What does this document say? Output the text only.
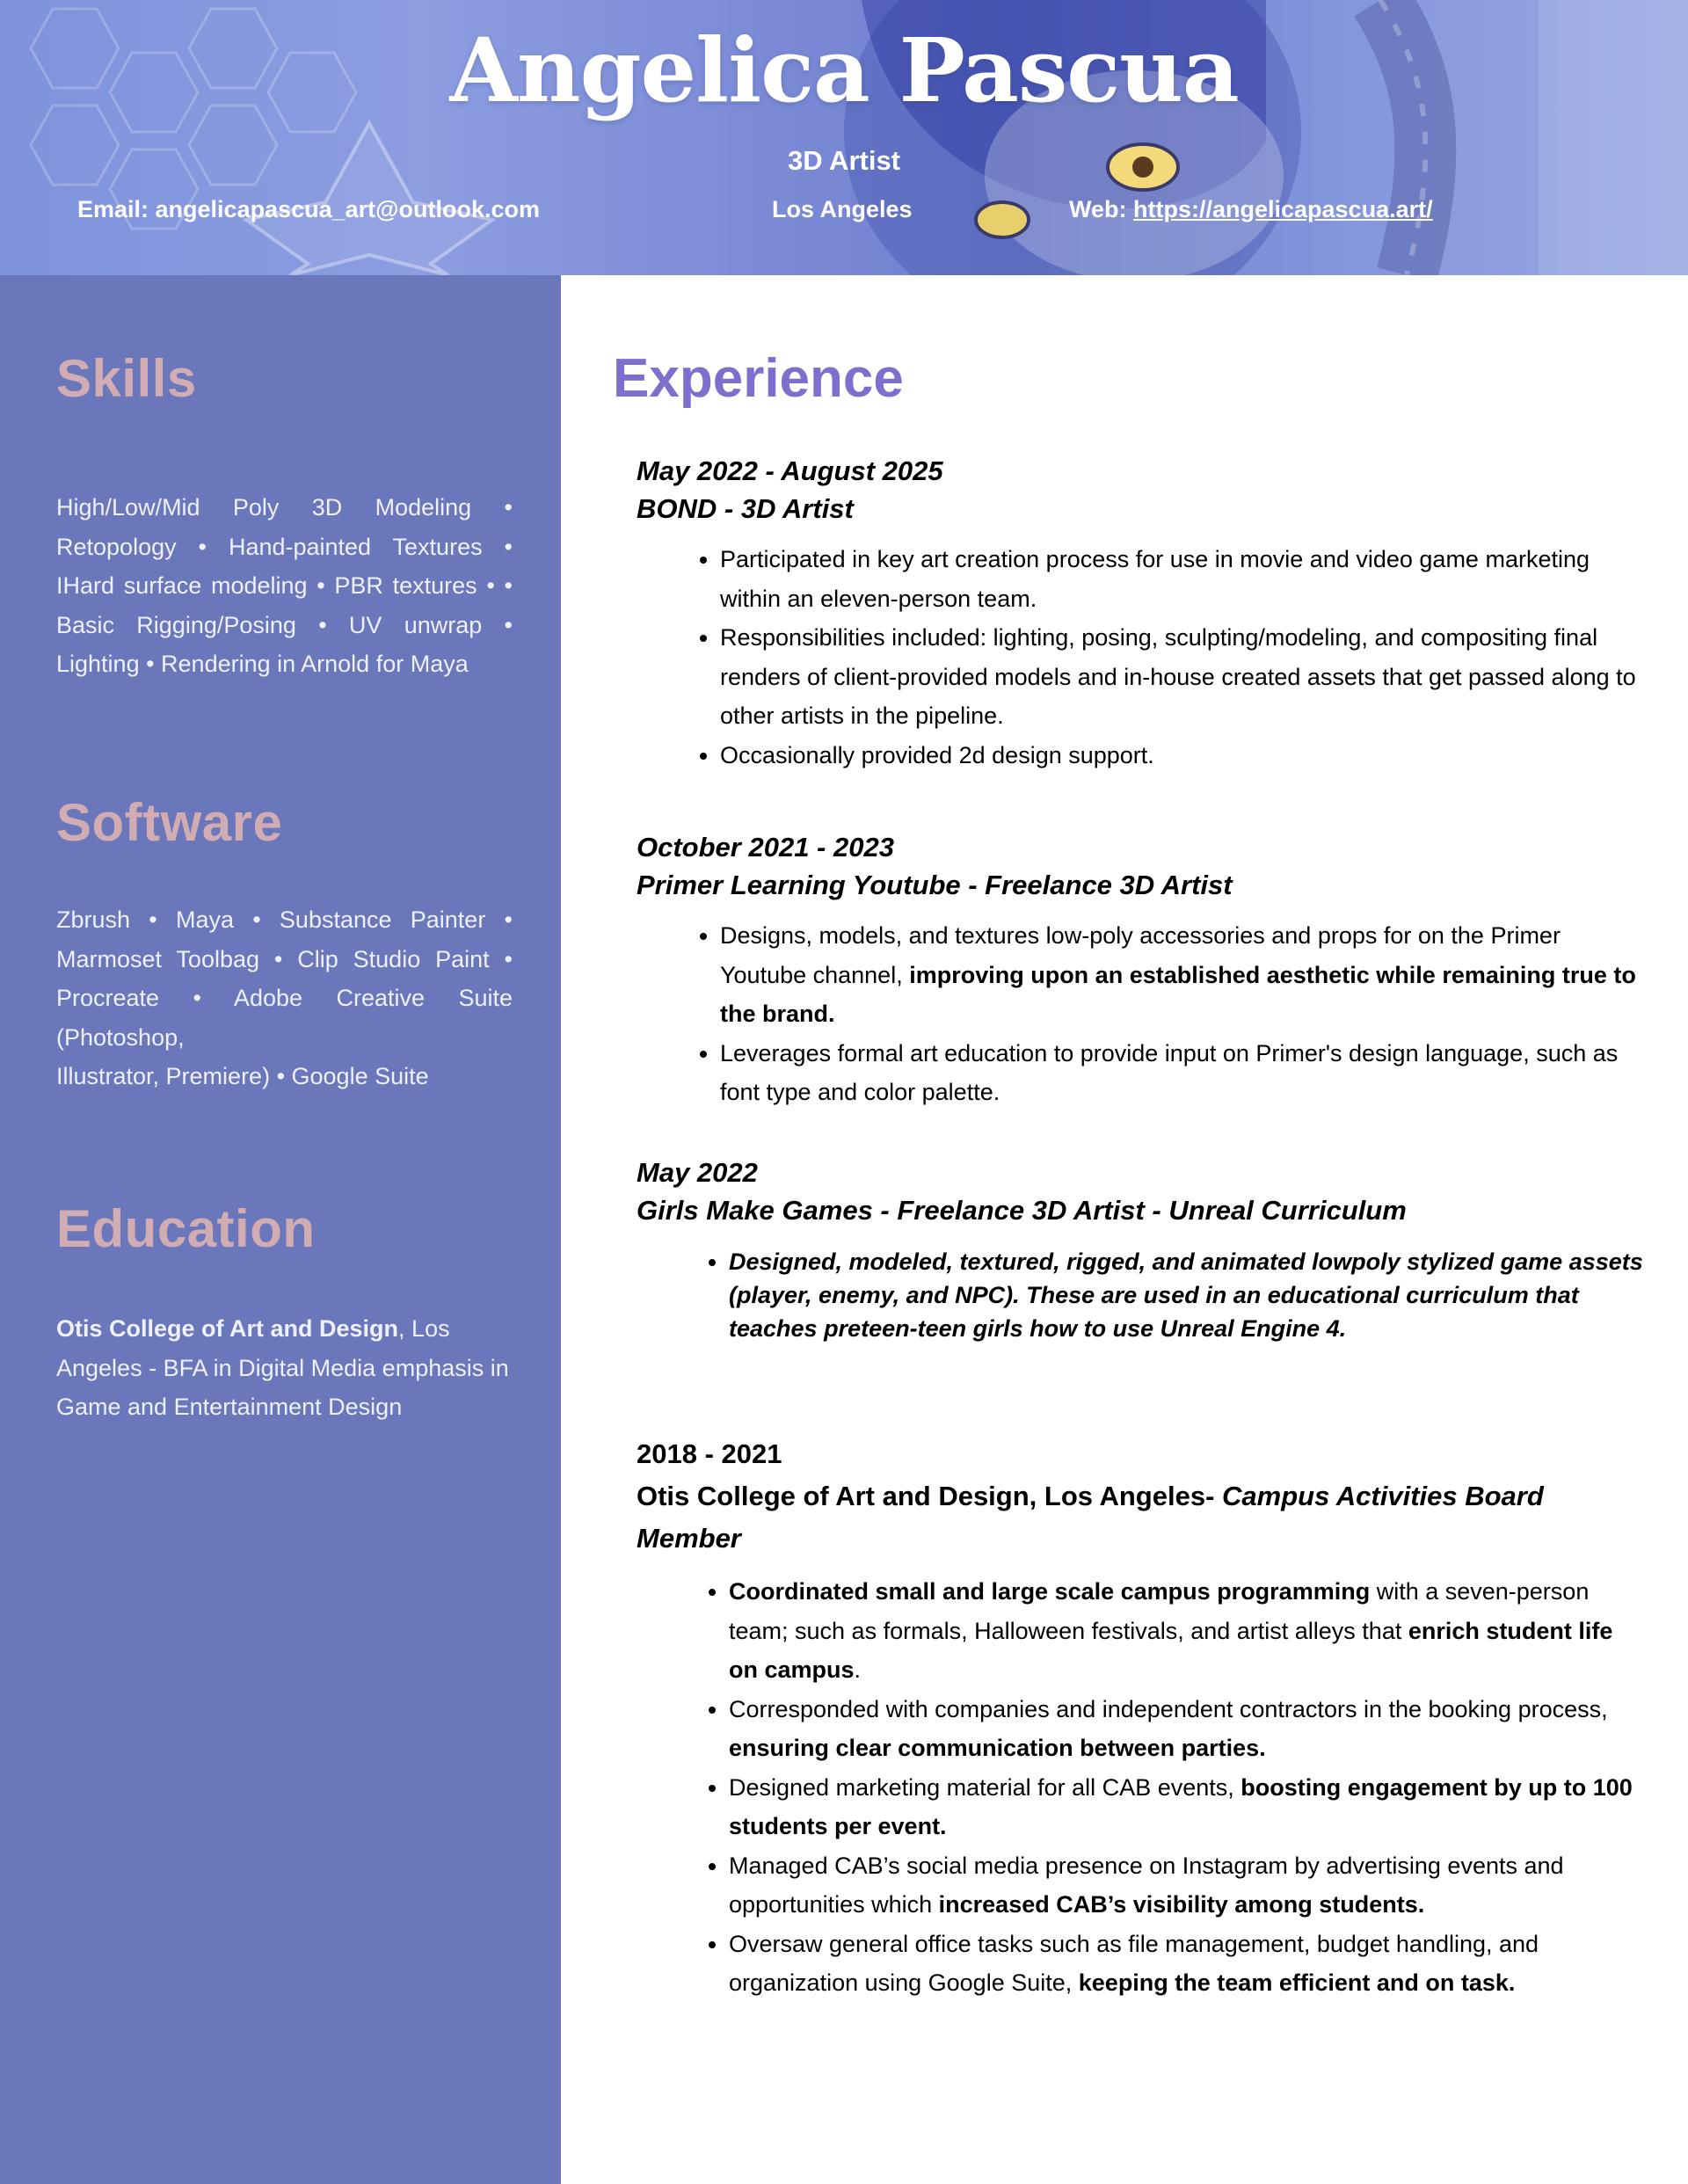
Angelica Pascua
3D Artist
Email: angelicapascua_art@outlook.com	Los Angeles	Web: https://angelicapascua.art/
Skills
High/Low/Mid Poly 3D Modeling • Retopology • Hand-painted Textures • IHard surface modeling • PBR textures • • Basic Rigging/Posing • UV unwrap • Lighting • Rendering in Arnold for Maya
Software

Zbrush • Maya • Substance Painter • Marmoset Toolbag • Clip Studio Paint • Procreate • Adobe Creative Suite (Photoshop,

Illustrator, Premiere) • Google Suite

Education
Otis College of Art and Design, Los Angeles - BFA in Digital Media emphasis in Game and Entertainment Design
Experience
May 2022 - August 2025
BOND - 3D Artist
• Participated in key art creation process for use in movie and video game marketing within an eleven-person team.
• Responsibilities included: lighting, posing, sculpting/modeling, and compositing final renders of client-provided models and in-house created assets that get passed along to other artists in the pipeline.
• Occasionally provided 2d design support.
October 2021 - 2023
Primer Learning Youtube - Freelance 3D Artist
• Designs, models, and textures low-poly accessories and props for on the Primer Youtube channel, improving upon an established aesthetic while remaining true to the brand.
• Leverages formal art education to provide input on Primer's design language, such as font type and color palette.
May 2022
Girls Make Games - Freelance 3D Artist - Unreal Curriculum
• Designed, modeled, textured, rigged, and animated lowpoly stylized game assets (player, enemy, and NPC). These are used in an educational curriculum that teaches preteen-teen girls how to use Unreal Engine 4.
2018 - 2021
Otis College of Art and Design, Los Angeles- Campus Activities Board Member
• Coordinated small and large scale campus programming with a seven-person team; such as formals, Halloween festivals, and artist alleys that enrich student life on campus.
• Corresponded with companies and independent contractors in the booking process, ensuring clear communication between parties.
• Designed marketing material for all CAB events, boosting engagement by up to 100 students per event.
• Managed CAB’s social media presence on Instagram by advertising events and opportunities which increased CAB’s visibility among students.
• Oversaw general office tasks such as file management, budget handling, and organization using Google Suite, keeping the team efficient and on task.
